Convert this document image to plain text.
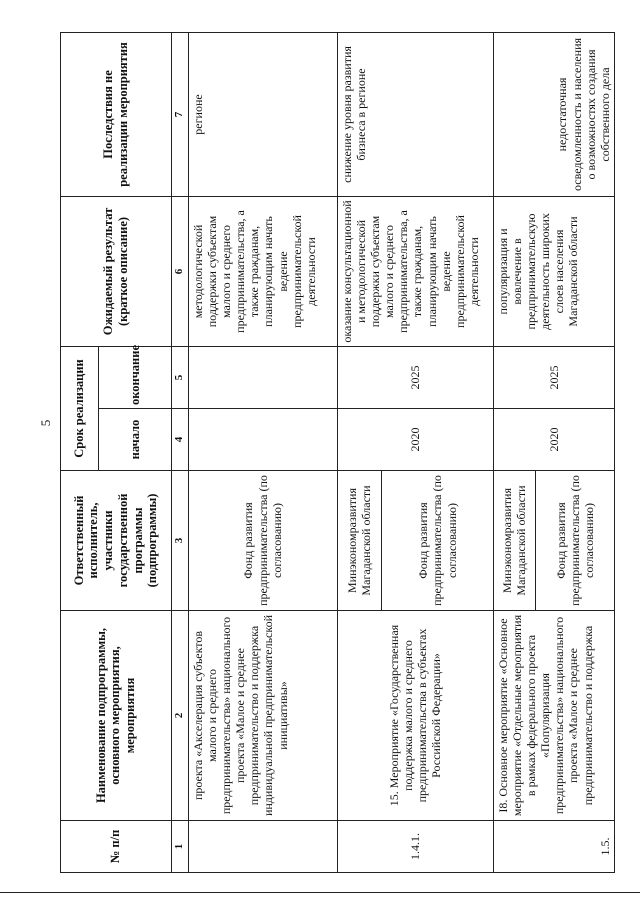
5
№ п/п	Наименование подпрограммы, основного мероприятия, мероприятия	Ответственный исполнитель, участники государственной программы (подпрограммы)	Срок реализации		Ожидаемый результат (краткое описание)	Последствия не реализации мероприятия
			начало	окончание		
1	2	3	4	5	6	7
	проекта «Акселерация субъектов малого и среднего предпринимательства» национального проекта «Малое и среднее предпринимательство и поддержка индивидуальной предпринимательской инициативы»	Фонд развития предпринимательства (по согласованию)			методологической поддержки субъектам малого и среднего предпринимательства, а также гражданам, планирующим начать ведение предпринимательской деятельности	регионе
1.4.1.	15. Мероприятие «Государственная поддержка малого и среднего предпринимательства в субъектах Российской Федерации»	Минэкономразвития Магаданской области	2020	2025	оказание консультационной и методологической поддержки субъектам малого и среднего предпринимательства, а также гражданам, планирующим начать ведение предпринимательской деятельности	снижение уровня развития бизнеса в регионе
		Фонд развития предпринимательства (по согласованию)				
1.5.	I8. Основное мероприятие «Основное мероприятие «Отдельные мероприятия в рамках федерального проекта «Популяризация предпринимательства» национального проекта «Малое и среднее предпринимательство и поддержка	Минэкономразвития Магаданской области	2020	2025	популяризация и вовлечение в предпринимательскую деятельность широких слоев населения Магаданской области	недостаточная осведомленность и населения о возможностях создания собственного дела
		Фонд развития предпринимательства (по согласованию)				
